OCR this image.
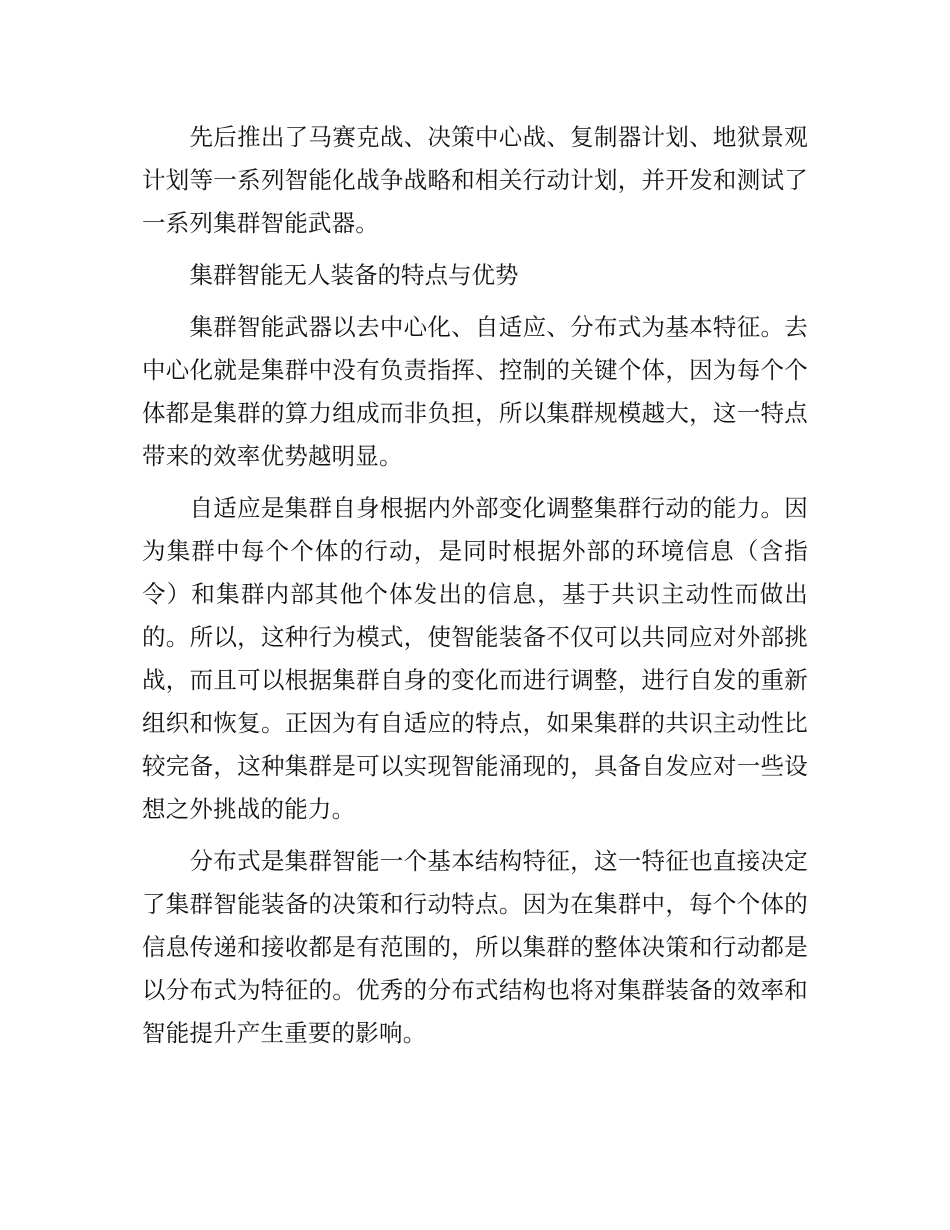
先后推出了马赛克战、决策中心战、复制器计划、地狱景观计划等一系列智能化战争战略和相关行动计划，并开发和测试了一系列集群智能武器。

集群智能无人装备的特点与优势

集群智能武器以去中心化、自适应、分布式为基本特征。去中心化就是集群中没有负责指挥、控制的关键个体，因为每个个体都是集群的算力组成而非负担，所以集群规模越大，这一特点带来的效率优势越明显。

自适应是集群自身根据内外部变化调整集群行动的能力。因为集群中每个个体的行动，是同时根据外部的环境信息（含指令）和集群内部其他个体发出的信息，基于共识主动性而做出的。所以，这种行为模式，使智能装备不仅可以共同应对外部挑战，而且可以根据集群自身的变化而进行调整，进行自发的重新组织和恢复。正因为有自适应的特点，如果集群的共识主动性比较完备，这种集群是可以实现智能涌现的，具备自发应对一些设想之外挑战的能力。

分布式是集群智能一个基本结构特征，这一特征也直接决定了集群智能装备的决策和行动特点。因为在集群中，每个个体的信息传递和接收都是有范围的，所以集群的整体决策和行动都是以分布式为特征的。优秀的分布式结构也将对集群装备的效率和智能提升产生重要的影响。
